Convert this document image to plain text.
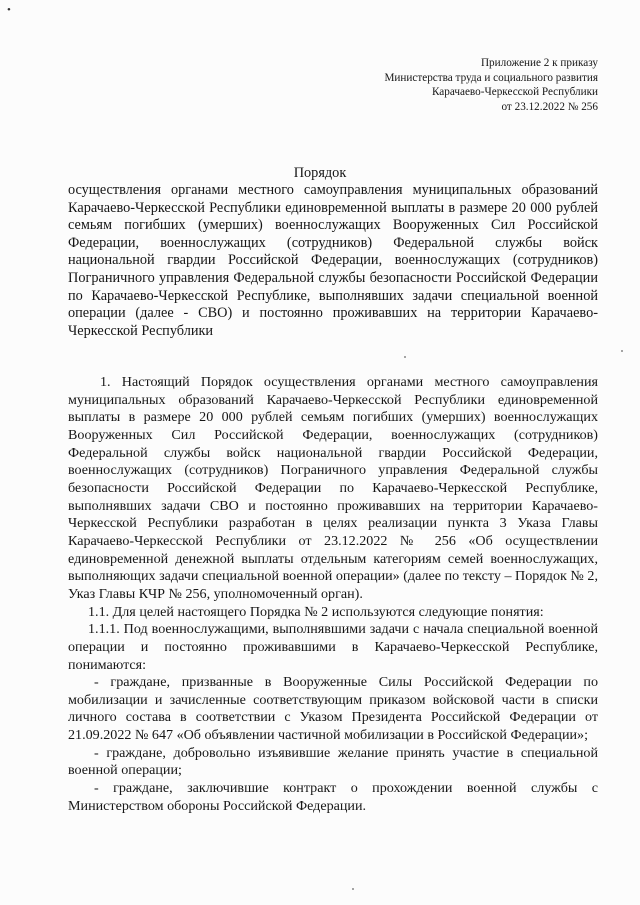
•
Приложение 2 к приказу
Министерства труда и социального развития
Карачаево-Черкесской Республики
от 23.12.2022 № 256
Порядок
осуществления органами местного самоуправления муниципальных образований Карачаево-Черкесской Республики единовременной выплаты в размере 20 000 рублей семьям погибших (умерших) военнослужащих Вооруженных Сил Российской Федерации, военнослужащих (сотрудников) Федеральной службы войск национальной гвардии Российской Федерации, военнослужащих (сотрудников) Пограничного управления Федеральной службы безопасности Российской Федерации по Карачаево-Черкесской Республике, выполнявших задачи специальной военной операции (далее - СВО) и постоянно проживавших на территории Карачаево-Черкесской Республики

1. Настоящий Порядок осуществления органами местного самоуправления муниципальных образований Карачаево-Черкесской Республики единовременной выплаты в размере 20 000 рублей семьям погибших (умерших) военнослужащих Вооруженных Сил Российской Федерации, военнослужащих (сотрудников) Федеральной службы войск национальной гвардии Российской Федерации, военнослужащих (сотрудников) Пограничного управления Федеральной службы безопасности Российской Федерации по Карачаево-Черкесской Республике, выполнявших задачи СВО и постоянно проживавших на территории Карачаево-Черкесской Республики разработан в целях реализации пункта 3 Указа Главы Карачаево-Черкесской Республики от 23.12.2022 № 256 «Об осуществлении единовременной денежной выплаты отдельным категориям семей военнослужащих, выполняющих задачи специальной военной операции» (далее по тексту – Порядок № 2, Указ Главы КЧР № 256, уполномоченный орган).

1.1. Для целей настоящего Порядка № 2 используются следующие понятия:

1.1.1. Под военнослужащими, выполнявшими задачи с начала специальной военной операции и постоянно проживавшими в Карачаево-Черкесской Республике, понимаются:

- граждане, призванные в Вооруженные Силы Российской Федерации по мобилизации и зачисленные соответствующим приказом войсковой части в списки личного состава в соответствии с Указом Президента Российской Федерации от 21.09.2022 № 647 «Об объявлении частичной мобилизации в Российской Федерации»;

- граждане, добровольно изъявившие желание принять участие в специальной военной операции;

- граждане, заключившие контракт о прохождении военной службы с Министерством обороны Российской Федерации.
